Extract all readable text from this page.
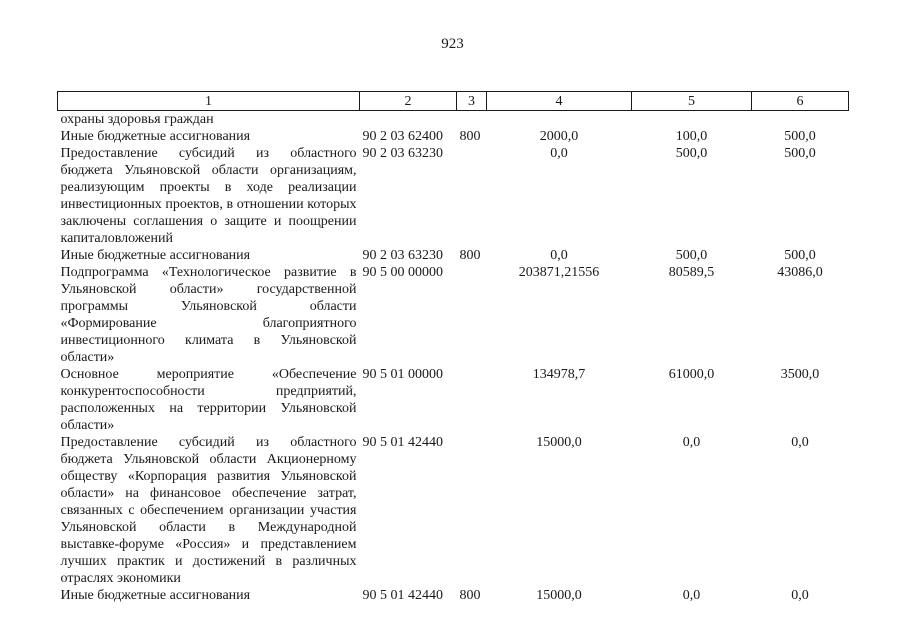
923
1	2	3	4	5	6
охраны здоровья граждан					
Иные бюджетные ассигнования	90 2 03 62400	800	2000,0	100,0	500,0
Предоставление субсидий из областного бюджета Ульяновской области организациям, реализующим проекты в ходе реализации инвестиционных проектов, в отношении которых заключены соглашения о защите и поощрении капиталовложений	90 2 03 63230		0,0	500,0	500,0
Иные бюджетные ассигнования	90 2 03 63230	800	0,0	500,0	500,0
Подпрограмма «Технологическое развитие в Ульяновской области» государственной программы Ульяновской области «Формирование благоприятного инвестиционного климата в Ульяновской области»	90 5 00 00000		203871,21556	80589,5	43086,0
Основное мероприятие «Обеспечение конкурентоспособности предприятий, расположенных на территории Ульяновской области»	90 5 01 00000		134978,7	61000,0	3500,0
Предоставление субсидий из областного бюджета Ульяновской области Акционерному обществу «Корпорация развития Ульяновской области» на финансовое обеспечение затрат, связанных с обеспечением организации участия Ульяновской области в Международной выставке-форуме «Россия» и представлением лучших практик и достижений в различных отраслях экономики	90 5 01 42440		15000,0	0,0	0,0
Иные бюджетные ассигнования	90 5 01 42440	800	15000,0	0,0	0,0
